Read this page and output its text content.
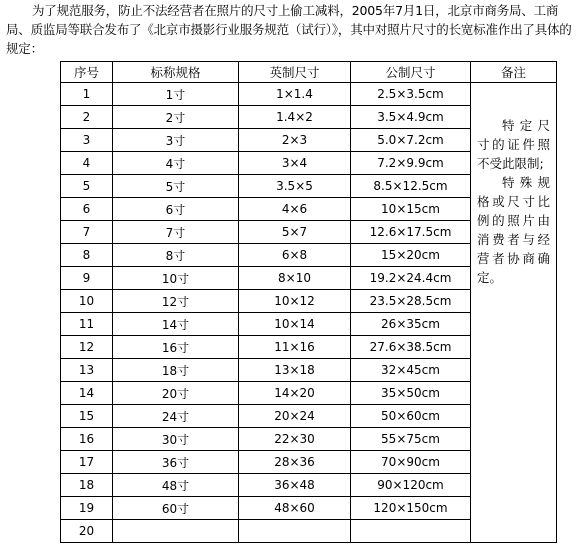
为了规范服务，防止不法经营者在照片的尺寸上偷工减料，2005年7月1日，北京市商务局、工商局、质监局等联合发布了《北京市摄影行业服务规范（试行）》，其中对照片尺寸的长宽标准作出了具体的规定：
序号	标称规格	英制尺寸	公制尺寸	备注
1	1寸	1×1.4	2.5×3.5cm	特定尺寸的证件照不受此限制;

特殊规格或尺寸比例的照片由消费者与经营者协商确定。

2	2寸	1.4×2	3.5×4.9cm	
3	3寸	2×3	5.0×7.2cm	
4	4寸	3×4	7.2×9.9cm	
5	5寸	3.5×5	8.5×12.5cm	
6	6寸	4×6	10×15cm	
7	7寸	5×7	12.6×17.5cm	
8	8寸	6×8	15×20cm	
9	10寸	8×10	19.2×24.4cm	
10	12寸	10×12	23.5×28.5cm	
11	14寸	10×14	26×35cm	
12	16寸	11×16	27.6×38.5cm	
13	18寸	13×18	32×45cm	
14	20寸	14×20	35×50cm	
15	24寸	20×24	50×60cm	
16	30寸	22×30	55×75cm	
17	36寸	28×36	70×90cm	
18	48寸	36×48	90×120cm	
19	60寸	48×60	120×150cm	
20				
